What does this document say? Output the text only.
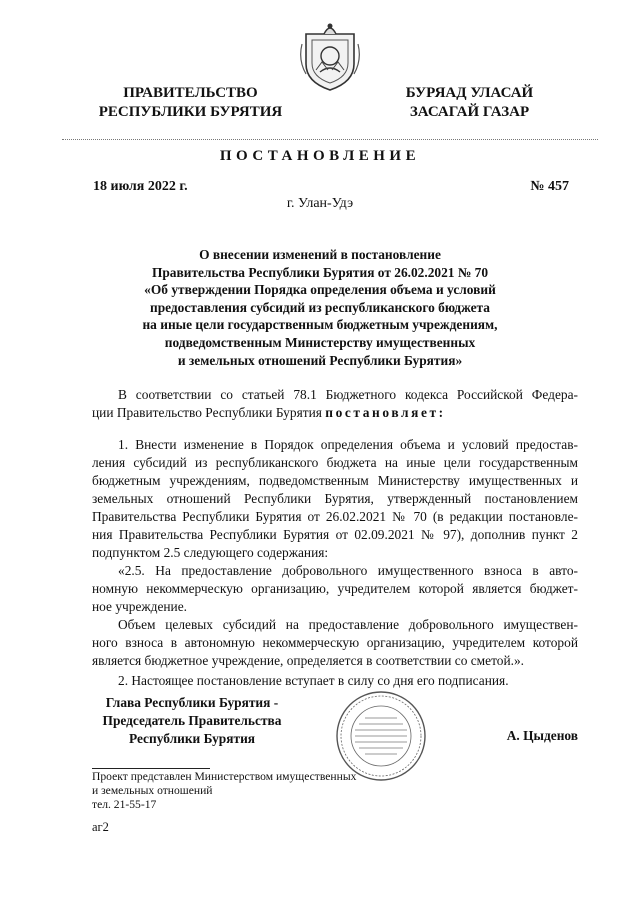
ПРАВИТЕЛЬСТВО
РЕСПУБЛИКИ БУРЯТИЯ
БУРЯАД УЛАСАЙ
ЗАСАГАЙ ГАЗАР
ПОСТАНОВЛЕНИЕ
18 июля 2022 г.	№ 457
г. Улан-Удэ
О внесении изменений в постановление
Правительства Республики Бурятия от 26.02.2021 № 70
«Об утверждении Порядка определения объема и условий
предоставления субсидий из республиканского бюджета
на иные цели государственным бюджетным учреждениям,
подведомственным Министерству имущественных
и земельных отношений Республики Бурятия»
В соответствии со статьей 78.1 Бюджетного кодекса Российской Федера-
ции Правительство Республики Бурятия постановляет:
1. Внести изменение в Порядок определения объема и условий предостав-
ления субсидий из республиканского бюджета на иные цели государственным
бюджетным учреждениям, подведомственным Министерству имущественных и
земельных отношений Республики Бурятия, утвержденный постановлением
Правительства Республики Бурятия от 26.02.2021 № 70 (в редакции постановле-
ния Правительства Республики Бурятия от 02.09.2021 № 97), дополнив пункт 2
подпунктом 2.5 следующего содержания:
«2.5. На предоставление добровольного имущественного взноса в авто-
номную некоммерческую организацию, учредителем которой является бюджет-
ное учреждение.
Объем целевых субсидий на предоставление добровольного имуществен-
ного взноса в автономную некоммерческую организацию, учредителем которой
является бюджетное учреждение, определяется в соответствии со сметой.».
2. Настоящее постановление вступает в силу со дня его подписания.
Глава Республики Бурятия -
Председатель Правительства
Республики Бурятия	А. Цыденов
Проект представлен Министерством имущественных
и земельных отношений
тел. 21-55-17
аг2
